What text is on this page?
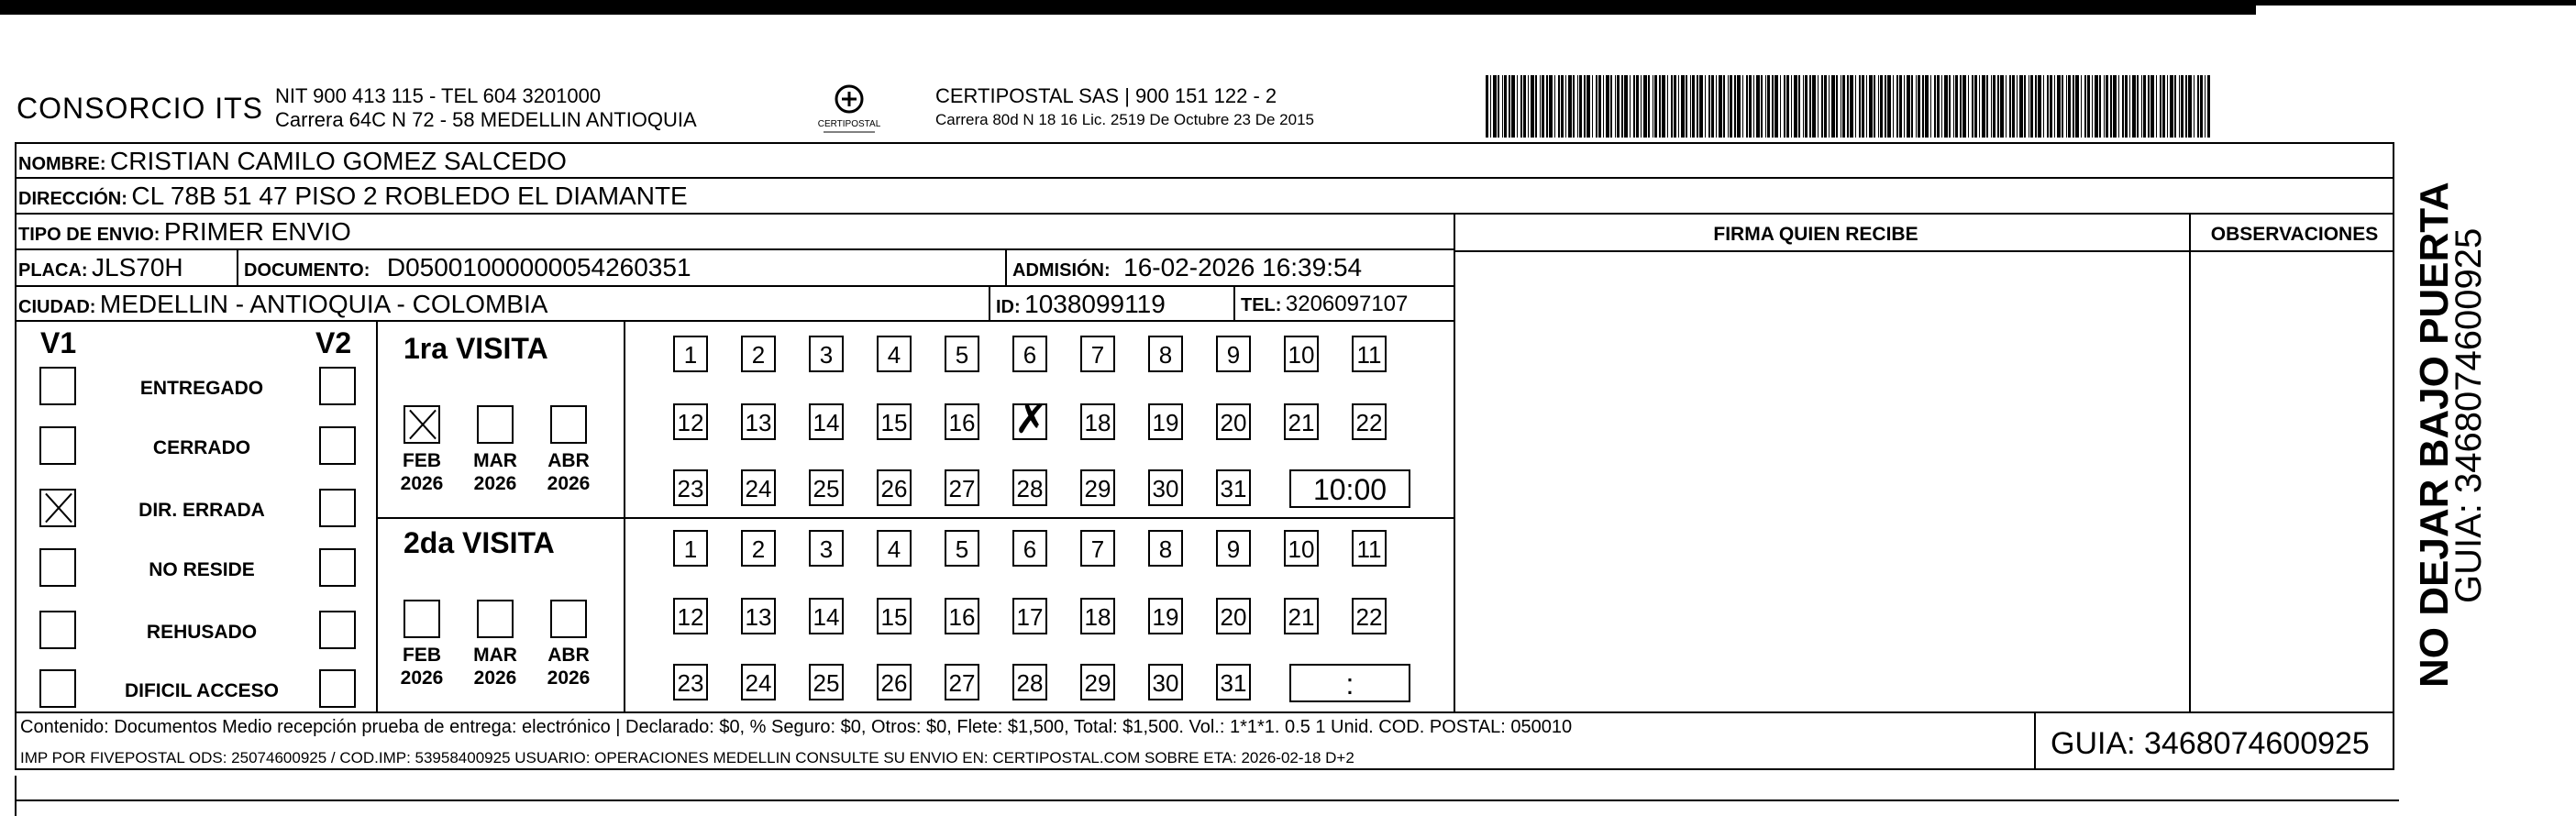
CONSORCIO ITS NIT 900 413 115 - TEL 604 3201000
Carrera 64C N 72 - 58 MEDELLIN ANTIOQUIA	CERTIPOSTAL
CERTIPOSTAL SAS | 900 151 122 - 2
Carrera 80d N 18 16 Lic. 2519 De Octubre 23 De 2015
NOMBRE: CRISTIAN CAMILO GOMEZ SALCEDO
DIRECCIÓN: CL 78B 51 47 PISO 2 ROBLEDO EL DIAMANTE
TIPO DE ENVIO: PRIMER ENVIO	FIRMA QUIEN RECIBE	OBSERVACIONES
PLACA: JLS70H	DOCUMENTO: D05001000000054260351	ADMISIÓN: 16-02-2026 16:39:54
CIUDAD: MEDELLIN - ANTIOQUIA - COLOMBIA	ID: 1038099119	TEL: 3206097107
V1	V2
ENTREGADO
CERRADO
DIR. ERRADA
NO RESIDE
REHUSADO
DIFICIL ACCESO
1ra VISITA
FEB
2026
MAR
2026
ABR
2026
1	2	3	4	5	6	7	8	9	10 11
12 13 14 15 16
✗	18 19 20 21 22
23 24 25 26 27 28 29 30 31	10:00
2da VISITA
FEB
2026
MAR
2026
ABR
2026
1	2	3	4	5	6	7	8	9	10 11
12 13 14 15 16 17 18 19 20 21 22
23 24 25 26 27 28 29 30 31	:
Contenido: Documentos Medio recepción prueba de entrega: electrónico | Declarado: $0, % Seguro: $0, Otros: $0, Flete: $1,500, Total: $1,500. Vol.: 1*1*1. 0.5 1 Unid. COD. POSTAL: 050010
IMP POR FIVEPOSTAL ODS: 25074600925 / COD.IMP: 53958400925 USUARIO: OPERACIONES MEDELLIN CONSULTE SU ENVIO EN: CERTIPOSTAL.COM SOBRE ETA: 2026-02-18 D+2	GUIA: 3468074600925
NO DEJAR BAJO PUERTA
GUIA: 3468074600925
